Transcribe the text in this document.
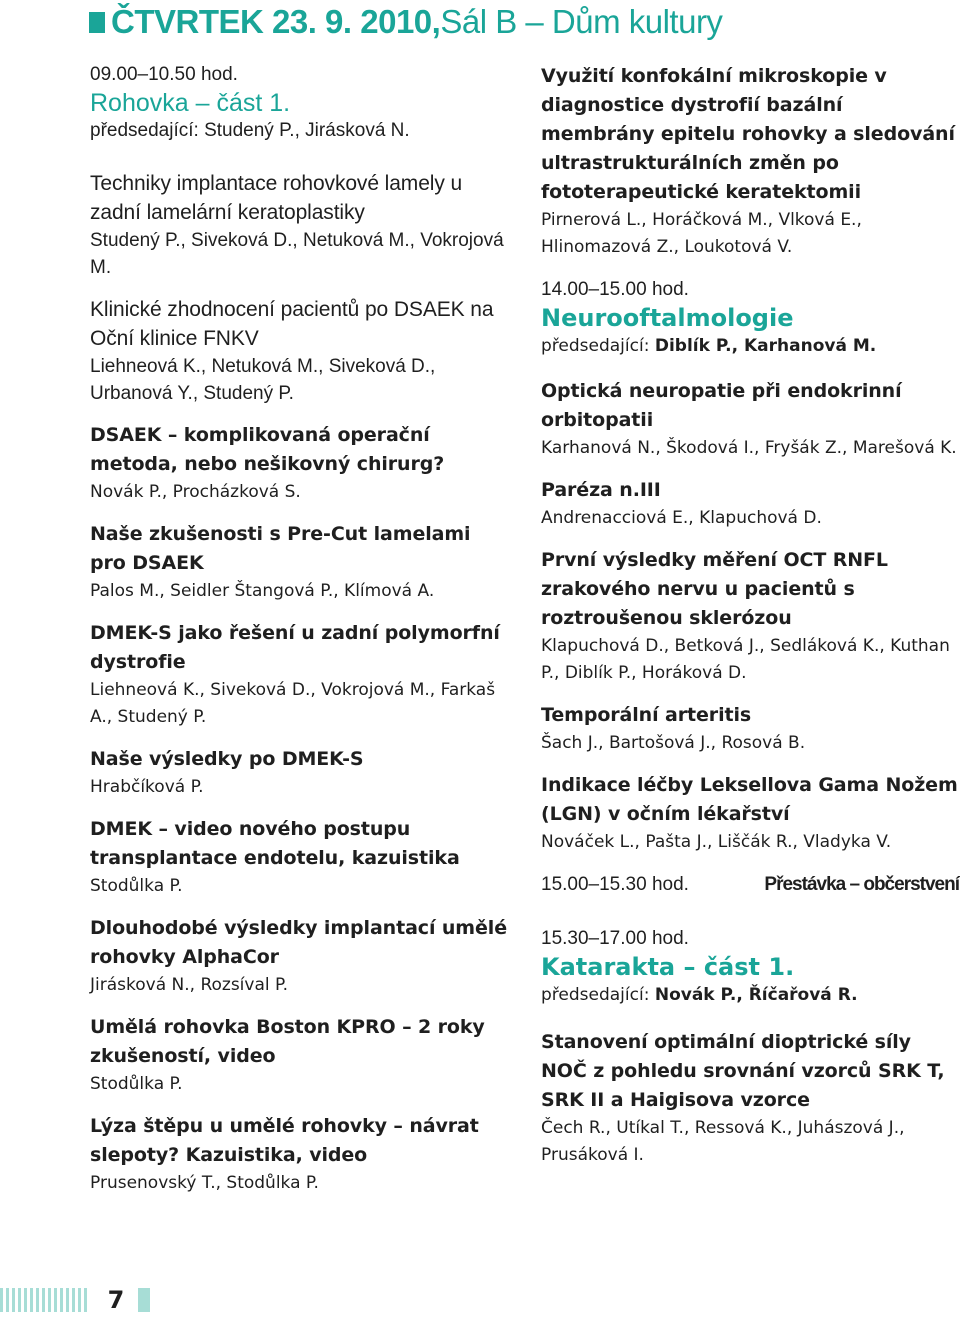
ČTVRTEK 23. 9. 2010, Sál B – Dům kultury
09.00–10.50 hod.
Rohovka – část 1.
předsedající: Studený P., Jirásková N.
Techniky implantace rohovkové lamely u zadní lamelární keratoplastiky
Studený P., Siveková D., Netuková M., Vokrojová M.
Klinické zhodnocení pacientů po DSAEK na Oční klinice FNKV
Liehneová K., Netuková M., Siveková D., Urbanová Y., Studený P.
DSAEK – komplikovaná operační metoda, nebo nešikovný chirurg?
Novák P., Procházková S.
Naše zkušenosti s Pre-Cut lamelami pro DSAEK
Palos M., Seidler Štangová P., Klímová A.
DMEK-S jako řešení u zadní polymorfní dystrofie
Liehneová K., Siveková D., Vokrojová M., Farkaš A., Studený P.
Naše výsledky po DMEK-S
Hrabčíková P.
DMEK – video nového postupu transplantace endotelu, kazuistika
Stodůlka P.
Dlouhodobé výsledky implantací umělé rohovky AlphaCor
Jirásková N., Rozsíval P.
Umělá rohovka Boston KPRO – 2 roky zkušeností, video
Stodůlka P.
Lýza štěpu u umělé rohovky – návrat slepoty? Kazuistika, video
Prusenovský T., Stodůlka P.
Využití konfokální mikroskopie v diagnostice dystrofií bazální membrány epitelu rohovky a sledování ultrastrukturálních změn po fototerapeutické keratektomii
Pirnerová L., Horáčková M., Vlková E., Hlinomazová Z., Loukotová V.
14.00–15.00 hod.
Neurooftalmologie
předsedající: Diblík P., Karhanová M.
Optická neuropatie při endokrinní orbitopatii
Karhanová N., Škodová I., Fryšák Z., Marešová K.
Paréza n.III
Andrenacciová E., Klapuchová D.
První výsledky měření OCT RNFL zrakového nervu u pacientů s roztroušenou sklerózou
Klapuchová D., Betková J., Sedláková K., Kuthan P., Diblík P., Horáková D.
Temporální arteritis
Šach J., Bartošová J., Rosová B.
Indikace léčby Leksellova Gama Nožem (LGN) v očním lékařství
Nováček L., Pašta J., Liščák R., Vladyka V.
15.00–15.30 hod.	Přestávka – občerstvení
15.30–17.00 hod.
Katarakta – část 1.
předsedající: Novák P., Říčařová R.
Stanovení optimální dioptrické síly NOČ z pohledu srovnání vzorců SRK T, SRK II a Haigisova vzorce
Čech R., Utíkal T., Ressová K., Juhászová J., Prusáková I.
7
